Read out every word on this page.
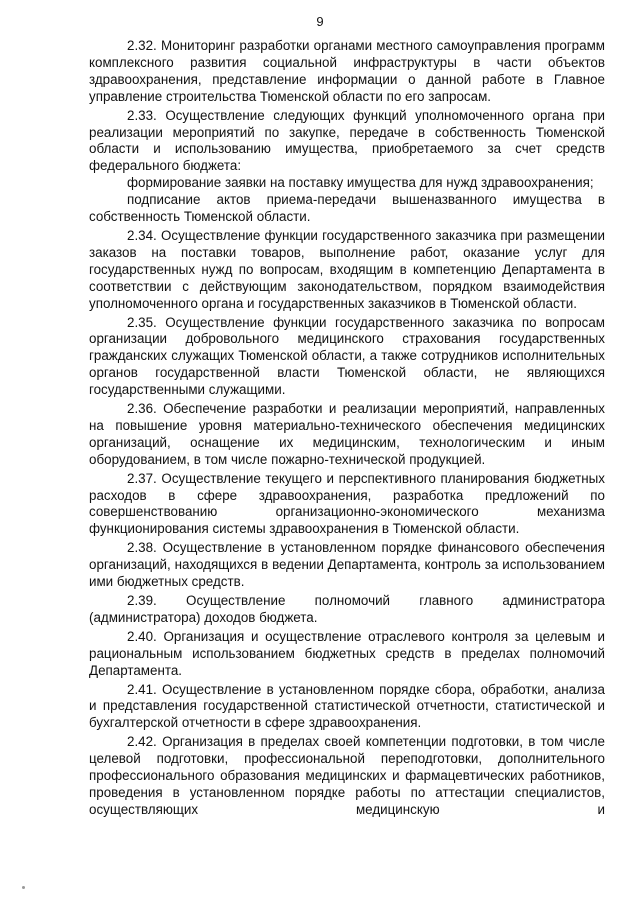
9

2.32. Мониторинг разработки органами местного самоуправления программ комплексного развития социальной инфраструктуры в части объектов здравоохранения, представление информации о данной работе в Главное управление строительства Тюменской области по его запросам.

2.33. Осуществление следующих функций уполномоченного органа при реализации мероприятий по закупке, передаче в собственность Тюменской области и использованию имущества, приобретаемого за счет средств федерального бюджета:

формирование заявки на поставку имущества для нужд здравоохранения;

подписание актов приема-передачи вышеназванного имущества в собственность Тюменской области.

2.34. Осуществление функции государственного заказчика при размещении заказов на поставки товаров, выполнение работ, оказание услуг для государственных нужд по вопросам, входящим в компетенцию Департамента в соответствии с действующим законодательством, порядком взаимодействия уполномоченного органа и государственных заказчиков в Тюменской области.

2.35. Осуществление функции государственного заказчика по вопросам организации добровольного медицинского страхования государственных гражданских служащих Тюменской области, а также сотрудников исполнительных органов государственной власти Тюменской области, не являющихся государственными служащими.

2.36. Обеспечение разработки и реализации мероприятий, направленных на повышение уровня материально-технического обеспечения медицинских организаций, оснащение их медицинским, технологическим и иным оборудованием, в том числе пожарно-технической продукцией.

2.37. Осуществление текущего и перспективного планирования бюджетных расходов в сфере здравоохранения, разработка предложений по совершенствованию организационно-экономического механизма функционирования системы здравоохранения в Тюменской области.

2.38. Осуществление в установленном порядке финансового обеспечения организаций, находящихся в ведении Департамента, контроль за использованием ими бюджетных средств.

2.39. Осуществление полномочий главного администратора (администратора) доходов бюджета.

2.40. Организация и осуществление отраслевого контроля за целевым и рациональным использованием бюджетных средств в пределах полномочий Департамента.

2.41. Осуществление в установленном порядке сбора, обработки, анализа и представления государственной статистической отчетности, статистической и бухгалтерской отчетности в сфере здравоохранения.

2.42. Организация в пределах своей компетенции подготовки, в том числе целевой подготовки, профессиональной переподготовки, дополнительного профессионального образования медицинских и фармацевтических работников, проведения в установленном порядке работы по аттестации специалистов, осуществляющих медицинскую и
